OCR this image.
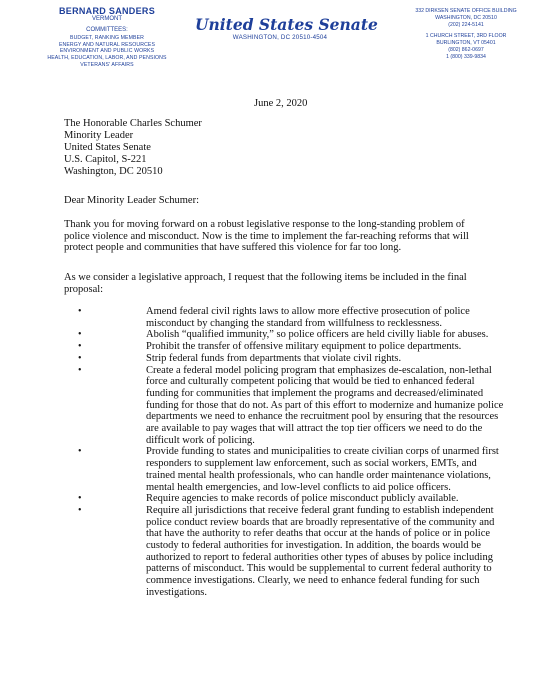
BERNARD SANDERS
VERMONT
COMMITTEES:
BUDGET, RANKING MEMBER
ENERGY AND NATURAL RESOURCES
ENVIRONMENT AND PUBLIC WORKS
HEALTH, EDUCATION, LABOR, AND PENSIONS
VETERANS' AFFAIRS
United States Senate
WASHINGTON, DC 20510-4504
332 DIRKSEN SENATE OFFICE BUILDING
WASHINGTON, DC 20510
(202) 224-5141
1 CHURCH STREET, 3RD FLOOR
BURLINGTON, VT 05401
(802) 862-0697
1 (800) 339-9834
June 2, 2020
The Honorable Charles Schumer
Minority Leader
United States Senate
U.S. Capitol, S-221
Washington, DC 20510
Dear Minority Leader Schumer:
Thank you for moving forward on a robust legislative response to the long-standing problem of
police violence and misconduct. Now is the time to implement the far-reaching reforms that will
protect people and communities that have suffered this violence for far too long.
As we consider a legislative approach, I request that the following items be included in the final
proposal:
•	Amend federal civil rights laws to allow more effective prosecution of police
misconduct by changing the standard from willfulness to recklessness.
•	Abolish “qualified immunity,” so police officers are held civilly liable for abuses.
•	Prohibit the transfer of offensive military equipment to police departments.
•	Strip federal funds from departments that violate civil rights.
•	Create a federal model policing program that emphasizes de-escalation, non-lethal
force and culturally competent policing that would be tied to enhanced federal
funding for communities that implement the programs and decreased/eliminated
funding for those that do not. As part of this effort to modernize and humanize police
departments we need to enhance the recruitment pool by ensuring that the resources
are available to pay wages that will attract the top tier officers we need to do the
difficult work of policing.
•	Provide funding to states and municipalities to create civilian corps of unarmed first
responders to supplement law enforcement, such as social workers, EMTs, and
trained mental health professionals, who can handle order maintenance violations,
mental health emergencies, and low-level conflicts to aid police officers.
•	Require agencies to make records of police misconduct publicly available.
•	Require all jurisdictions that receive federal grant funding to establish independent
police conduct review boards that are broadly representative of the community and
that have the authority to refer deaths that occur at the hands of police or in police
custody to federal authorities for investigation. In addition, the boards would be
authorized to report to federal authorities other types of abuses by police including
patterns of misconduct. This would be supplemental to current federal authority to
commence investigations. Clearly, we need to enhance federal funding for such
investigations.
